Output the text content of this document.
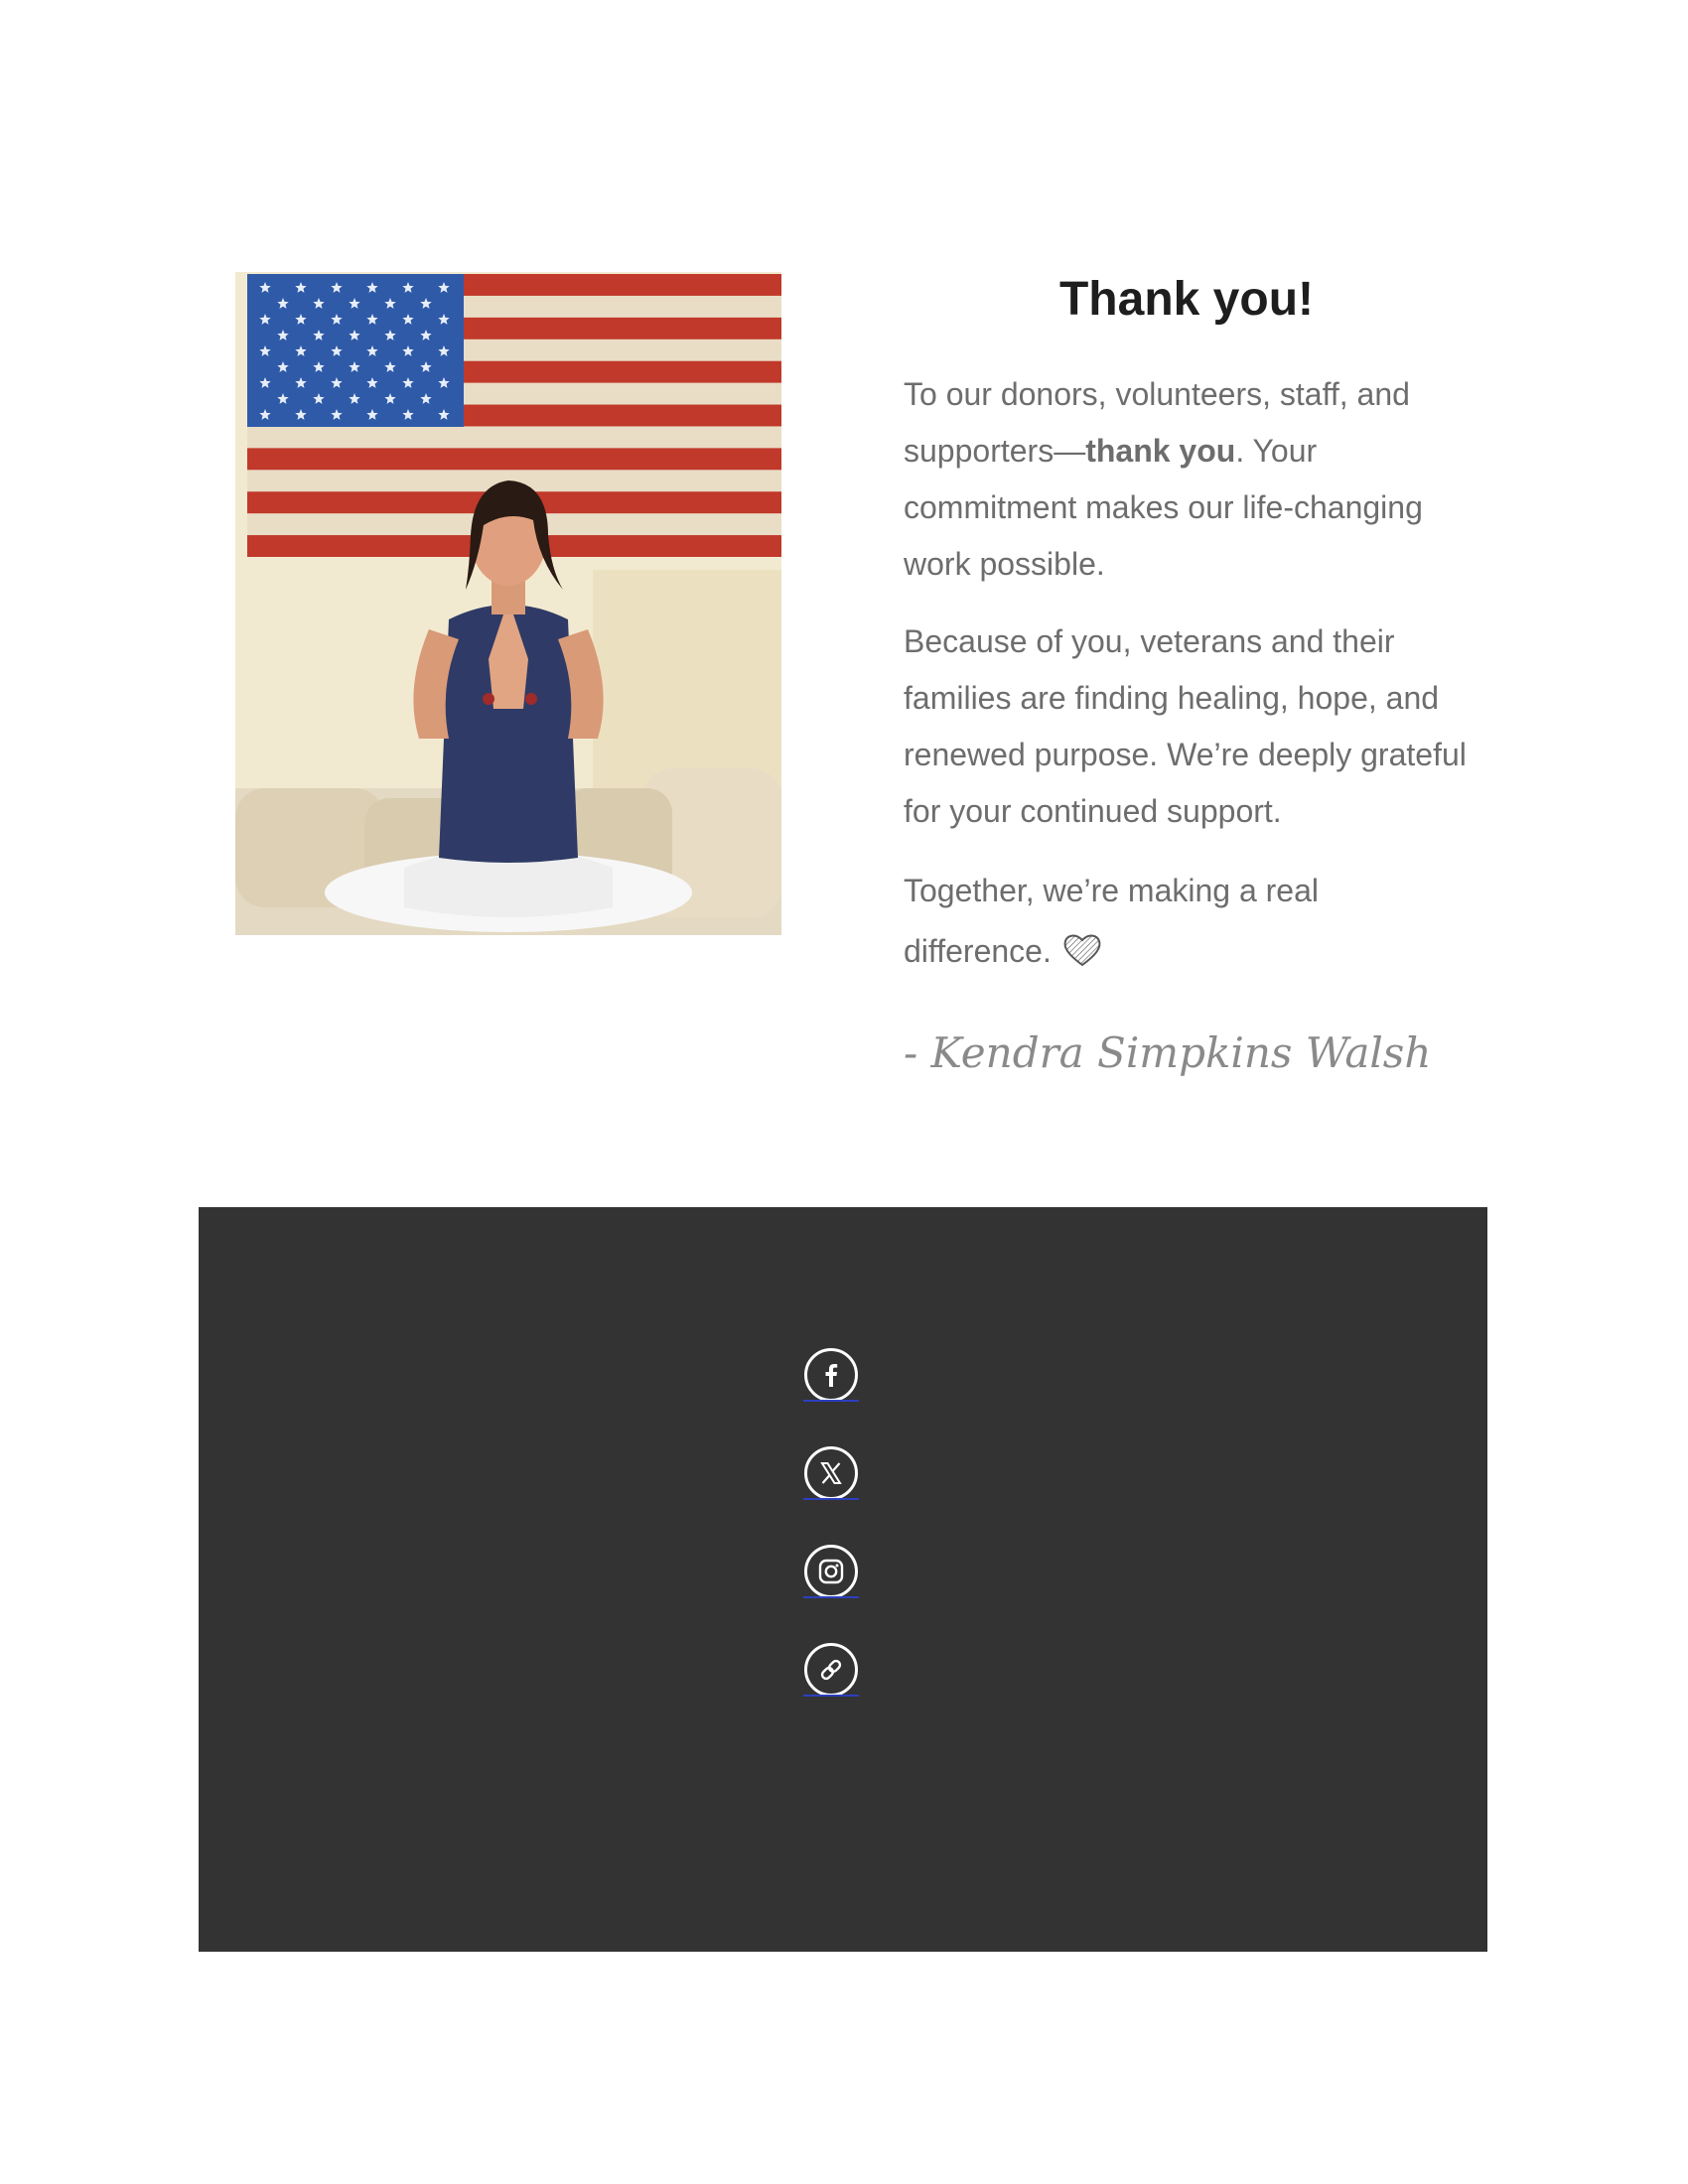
Thank you!

To our donors, volunteers, staff, and supporters—thank you. Your commitment makes our life-changing work possible.

Because of you, veterans and their families are finding healing, hope, and renewed purpose. We’re deeply grateful for your continued support.

Together, we’re making a real difference.

- Kendra Simpkins Walsh
